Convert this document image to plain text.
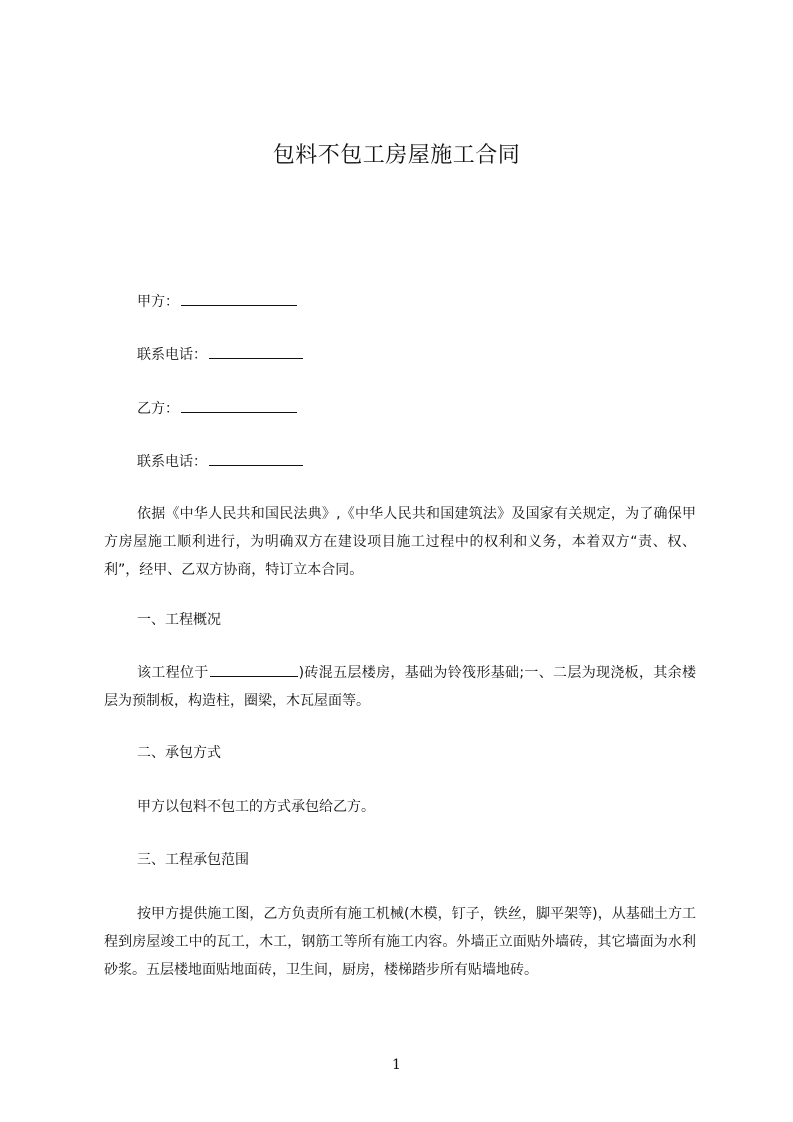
包料不包工房屋施工合同
甲方：
联系电话：
乙方：
联系电话：
依据《中华人民共和国民法典》,《中华人民共和国建筑法》及国家有关规定，为了确保甲方房屋施工顺利进行，为明确双方在建设项目施工过程中的权利和义务，本着双方“责、权、利”，经甲、乙双方协商，特订立本合同。
一、工程概况
该工程位于	)砖混五层楼房，基础为铃筏形基础;一、二层为现浇板，其余楼层为预制板，构造柱，圈梁，木瓦屋面等。
二、承包方式
甲方以包料不包工的方式承包给乙方。
三、工程承包范围
按甲方提供施工图，乙方负责所有施工机械(木模，钉子，铁丝，脚平架等)，从基础土方工程到房屋竣工中的瓦工，木工，钢筋工等所有施工内容。外墙正立面贴外墙砖，其它墙面为水利砂浆。五层楼地面贴地面砖，卫生间，厨房，楼梯踏步所有贴墙地砖。
1
